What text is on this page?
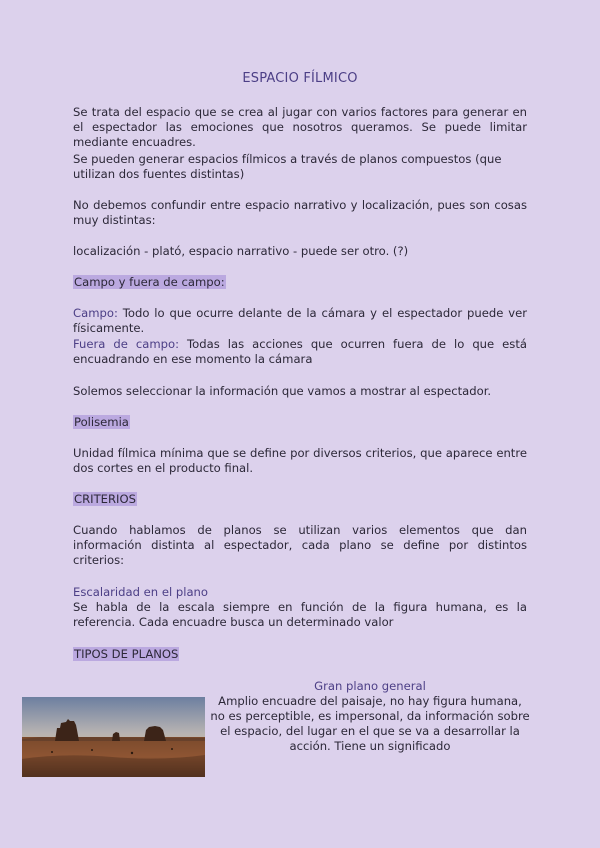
ESPACIO FÍLMICO

Se trata del espacio que se crea al jugar con varios factores para generar en el espectador las emociones que nosotros queramos. Se puede limitar mediante encuadres.

Se pueden generar espacios fílmicos a través de planos compuestos (que utilizan dos fuentes distintas)

No debemos confundir entre espacio narrativo y localización, pues son cosas muy distintas:

localización - plató, espacio narrativo - puede ser otro. (?)

Campo y fuera de campo:

Campo: Todo lo que ocurre delante de la cámara y el espectador puede ver físicamente.

Fuera de campo: Todas las acciones que ocurren fuera de lo que está encuadrando en ese momento la cámara

Solemos seleccionar la información que vamos a mostrar al espectador.

Polisemia

Unidad fílmica mínima que se define por diversos criterios, que aparece entre dos cortes en el producto final.

CRITERIOS

Cuando hablamos de planos se utilizan varios elementos que dan información distinta al espectador, cada plano se define por distintos criterios:

Escalaridad en el plano

Se habla de la escala siempre en función de la figura humana, es la referencia. Cada encuadre busca un determinado valor

TIPOS DE PLANOS
Gran plano general

Amplio encuadre del paisaje, no hay figura humana, no es perceptible, es impersonal, da información sobre el espacio, del lugar en el que se va a desarrollar la acción. Tiene un significado
